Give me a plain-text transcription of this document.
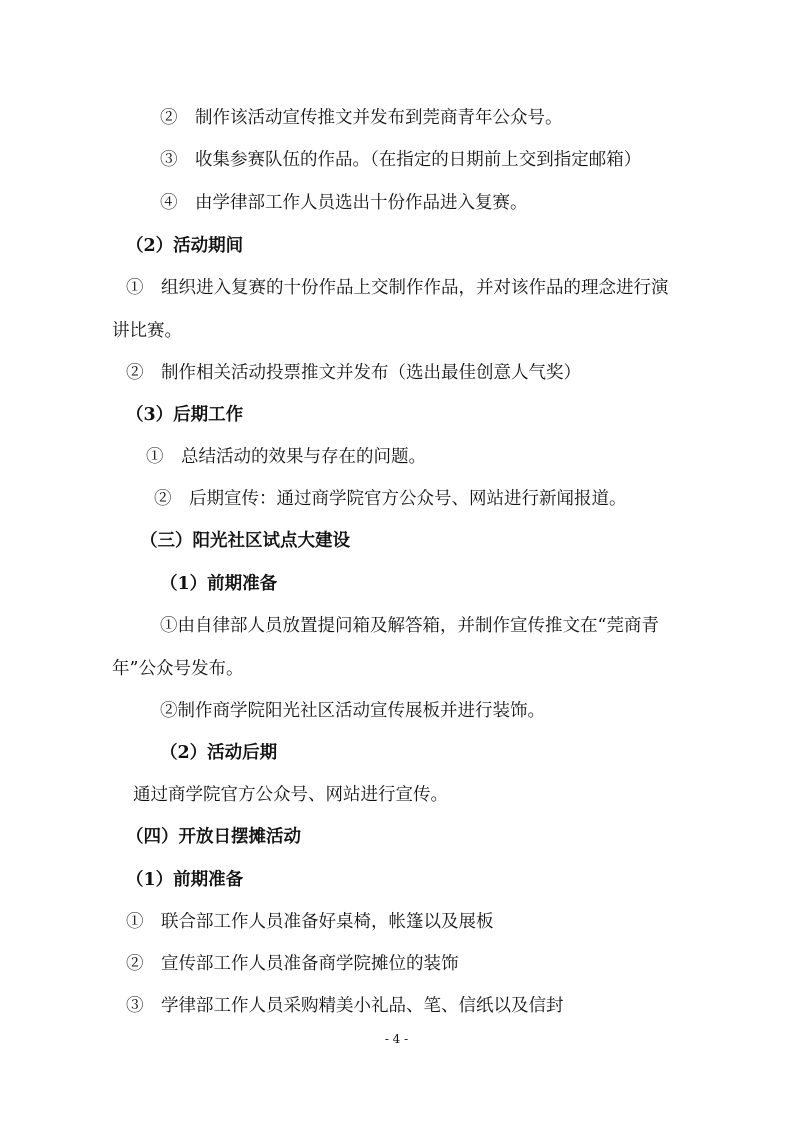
②　制作该活动宣传推文并发布到莞商青年公众号。
③　收集参赛队伍的作品。（在指定的日期前上交到指定邮箱）
④　由学律部工作人员选出十份作品进入复赛。
（2）活动期间
①　组织进入复赛的十份作品上交制作作品，并对该作品的理念进行演
讲比赛。
②　制作相关活动投票推文并发布（选出最佳创意人气奖）
（3）后期工作
①　总结活动的效果与存在的问题。
②　后期宣传：通过商学院官方公众号、网站进行新闻报道。
（三）阳光社区试点大建设
（1）前期准备
①由自律部人员放置提问箱及解答箱，并制作宣传推文在“莞商青
年”公众号发布。
②制作商学院阳光社区活动宣传展板并进行装饰。
（2）活动后期
通过商学院官方公众号、网站进行宣传。
（四）开放日摆摊活动
（1）前期准备
①　联合部工作人员准备好桌椅，帐篷以及展板
②　宣传部工作人员准备商学院摊位的装饰
③　学律部工作人员采购精美小礼品、笔、信纸以及信封
- 4 -
